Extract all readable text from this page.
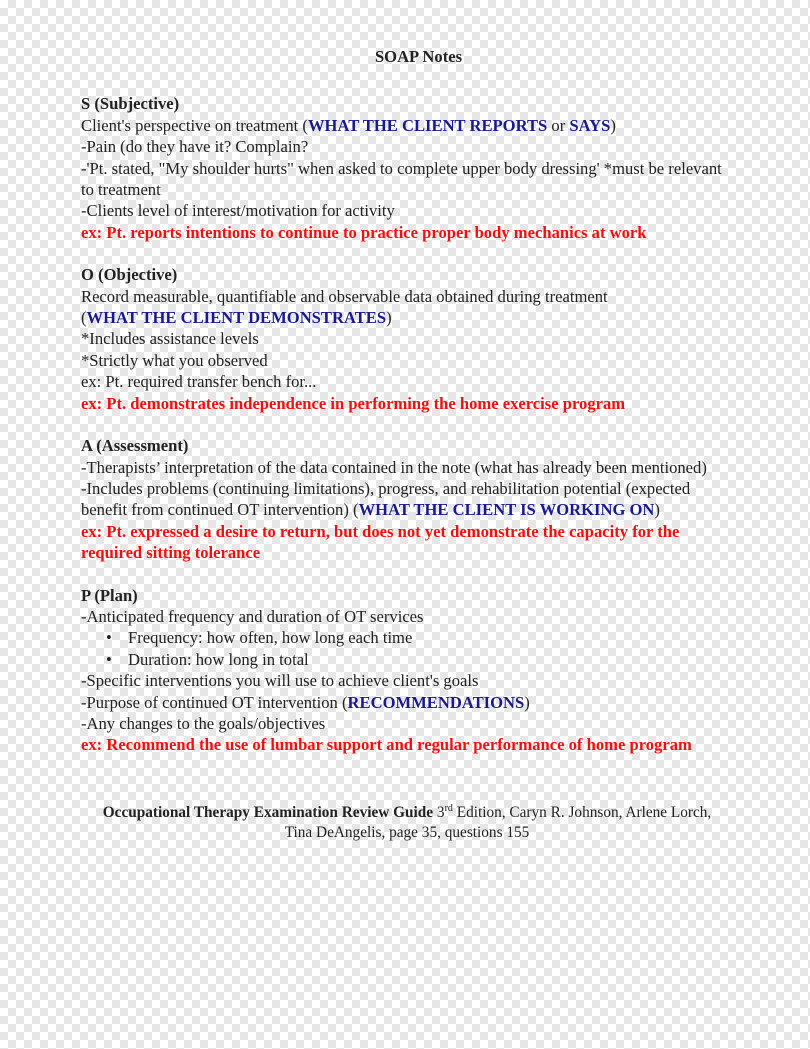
SOAP Notes
S (Subjective)
Client's perspective on treatment (WHAT THE CLIENT REPORTS or SAYS)
-Pain (do they have it? Complain?
-'Pt. stated, "My shoulder hurts" when asked to complete upper body dressing' *must be relevant to treatment
-Clients level of interest/motivation for activity
ex: Pt. reports intentions to continue to practice proper body mechanics at work
O (Objective)
Record measurable, quantifiable and observable data obtained during treatment
(WHAT THE CLIENT DEMONSTRATES)
*Includes assistance levels
*Strictly what you observed
ex: Pt. required transfer bench for...
ex: Pt. demonstrates independence in performing the home exercise program
A (Assessment)
-Therapists’ interpretation of the data contained in the note (what has already been mentioned)
-Includes problems (continuing limitations), progress, and rehabilitation potential (expected benefit from continued OT intervention) (WHAT THE CLIENT IS WORKING ON)
ex: Pt. expressed a desire to return, but does not yet demonstrate the capacity for the required sitting tolerance
P (Plan)
-Anticipated frequency and duration of OT services
• Frequency: how often, how long each time
• Duration: how long in total
-Specific interventions you will use to achieve client's goals
-Purpose of continued OT intervention (RECOMMENDATIONS)
-Any changes to the goals/objectives
ex: Recommend the use of lumbar support and regular performance of home program
Occupational Therapy Examination Review Guide 3rd Edition, Caryn R. Johnson, Arlene Lorch,
Tina DeAngelis, page 35, questions 155
